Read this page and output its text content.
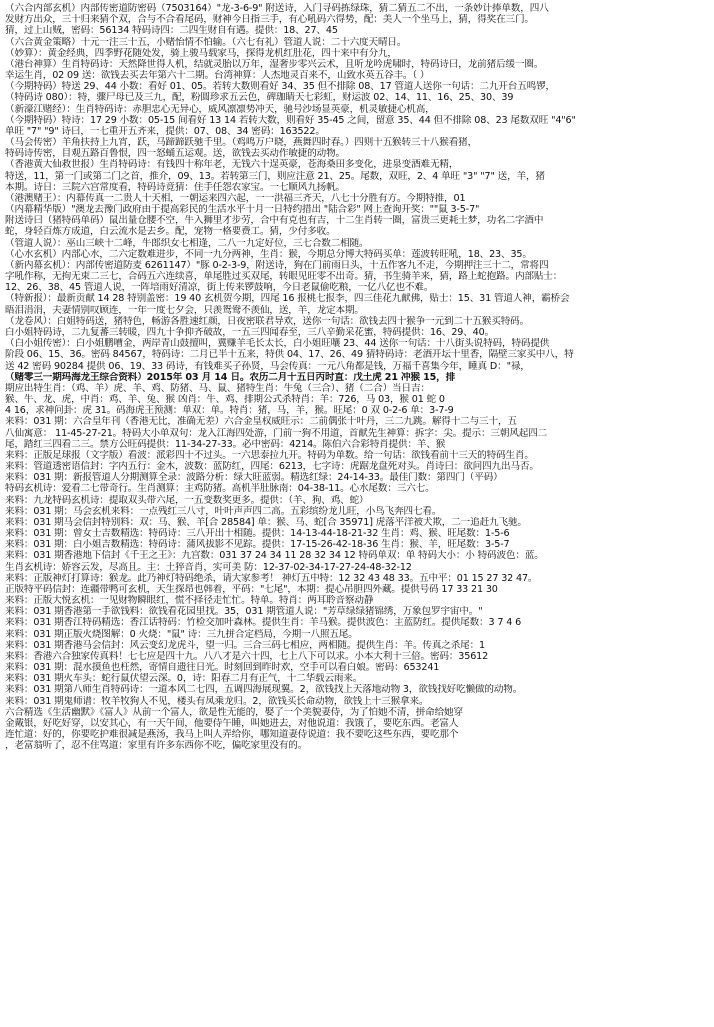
（六合内部玄机）内部传密道防密码（7503164）"龙-3-6-9" 附送诗，入门寻码拣绿珠，猜二猜五二不出，一条妙计捧单数，四八
发财方出众，三十归来猜个双，合与不合看尾码，财神今日指三手，有心吼码六得势，配：美人一个坐马上，猜，得奖在三门。
猜，过上山贼，密码：56134 特码诗四：二四生财自有遇。提供：18、27、45
（六合黄金策略）十元一注三十五，小赌怡情不怕输。（六七有礼）管道人说：二十六度天晴日。
（妙算）：黄金经典，四季野花随处发，骑上骏马载家马，探得龙机红肚花，四十来中有分九，
（港台神算）生肖特码诗：天然降世得人机，结就灵胎以万年，湿奢步零兴云术，且听龙吟虎啸时，特码诗曰，龙前猪后缓一圈。
幸运生肖，02 09 送：欲钱去买去年第六十二期。台湾神算：人杰地灵百来不，山致水英五谷丰。（ ）
（今期特码）特送 29、44 小数：看好 01、05。若转大数则看好 34、35 但不排除 08、17 管道人送你一句话：二九开台五鸣锣，
（特码诗 080）：特，骤尸母已及三九，配，粉圆珍求五云色，碑珈睛天七彩虹，财运波 02、14、11、16、25、30、39
（新濠江赌经）：生肖特码诗：赤胆忠心无异心，威风凛凛势冲天，驰号沙场显英豪，机灵敏捷心机高，
（今期特码）特诗：17 29 小数：05-15 间看好 13 14 若转大数，则看好 35-45 之间，留意 35、44 但不排除 08、23 尾数双旺 "4"6"
单旺 "7" "9" 诗曰，一七重开五齐来，提供：07、08、34 密码：163522。
（马会传密）羊角扶持上九宵，跃，马蹄蹄跃驰千里。（鸡鸣万户晓，燕舞四时春。）四则十五猴转三十八猴看猪，
特码诗传密，目观五路百鲁恨，四一怒蛹五运观。送，欲钱去买动作敏捷的动物。
（香港黄大仙救世报）生肖特码诗：有钱四十称年老，无钱六十逞英豪，苍海桑田多变化，进泉变酒难无精，
特送，11，第一门或第二门之首，推介，09、13。若转第三门，则应注意 21、25。尾数，双旺，2、4 单旺 "3" "7" 送，羊，猪
本期。诗日：三院六宫常度看，特码诗竟猜：住手任怨农家宝。一七顺风九扬帆。
（港澳赌王）：内幕传真一二贵人十天相，一朝运来四六起，一一洪福三齐天，八七十分胜有方。今期特推，01
（内幕精华版）"澳龙去豫门政府由于提高彩民的生活水平十月一日特约措出 "陆合彩" 网上查询开奖：""鼠 3-5-7"
附送诗曰（猪特码单码）鼠出量仓腰不空，牛入狮里才步劳，合中有克也有吉，十二生肖转一圈，富贵三更耗土梦，功名二字酒中
蛇，身轻百炼方成道，白云流水是去乡。配，宠物一格要费工。猜，少付多收。
（管道人说）：巫山三峡十二峰，牛郎织女七相逢，二八一九定好位，三七合数二相随。
（心水玄机）内部心水，二六定数难进步，不同一九分两神，生肖：猴，今期总分博大特码买单：莲波转旺吼，18、23、35。
（新内幕玄机）：内部传密道防麦 6261147）"豚 0-2-3-9，附送诗，狗在门前雨日头，十五作客九不走，今期押注三十二，常将四
字吼作称，无拘无束二三七，合码五六连续喜，单尾胜过买双尾，转眼见旺零不出奇。猜，书生骑羊来，猜，路上蛇抱路。内部贴士：
12、26、38、45 管道人说，一阵培雨好清凉，街上传来锣鼓响，今日老鼠偷吃粮，一亿八亿也不难。
（特新报）：最新贡献 14 28 特别盖密：19 40 玄机贺今期，四尾 16 报桃七报李，四三佳花九献佛，贴士：15、31 管道人神，霸桥会
晤泪涓涓，夫妻情别叹顾连，一年一度七夕会，只羡鸳鸯不羡仙，送，羊，龙定本期。
（龙卷风）：白姐特码送，猪特色，畅游各胜速红颜，日夜密联君导欢，送你一句话：欲钱去四十猴争一元到二十五猴买特码。
白小姐特码诗，二九复蕃三转暖，四九十争抑齐破故，一五三四闻春至，三八辛勤采花蜜，特码提供：16、29、40。
（白小姐传密）：白小姐鹏嘈金，两岸青山鼓擅叫，冀赚羊毛长太长，白小姐旺嚷 23、44 送你一句话：十八街头说特码，特码提供
阶段 06、15、36。密码 84567，特码诗：二月已半十五来，特供 04、17、26、49 猜特码诗：老酒开坛十里香，隔壁三家买中八，特
送 42 密码 90284 提供 06、19、33 码诗，有钱难买子孙贤，马会传真：一元八角都是钱，万福千喜集今年，睡真 D："禄，
（赌零三一期玛海龙王综合资料）2015年 03 月 14 日。农历二月十五日丙时直：戊土虎 21 冲猴 15，排
期应出特生肖：（鸡、羊）虎、羊、鸡、防猪、马、鼠、猪特生肖：牛兔（三合）、猪（二合）当日吉：
猴、牛、龙、虎，中肖：鸡、羊、兔、猴 凶肖：牛、鸡、排期公式杀特肖：羊：726，马 03，猴 01 蛇 0
4 16，求神问卦：虎 31。码海虎王预测：单双：单。特肖：猪，马，羊，猴。旺尾：0 双 0-2-6 单：3-7-9
来料：031 期：六合皇年刊（香港无比，准确无差）六合金皇权威旺示：二前偶张十叶丹，三二九跳。解得十二与三十，五
八仙寓意： 11-45-27-21。特码大小单双句：龙入江海四处游，门前一狗不用道，首献先生神算：拆字：尖。提示：三朝风起四二
尾，踏红三四看二三。禁方公旺码提供：11-34-27-33。必中密码：4214。陈伯六合彩特肖提供：羊、猴
来料：正版足球报（文字版）看波：派彩四十不过头。一六思泰拉九开。特码为单数。给一句话：欲钱看前十三天的特码生肖。
来料：管道透密语信封：字内五行：金木，波数：蓝防红，四尾：6213，七字诗：虎踞龙盘死对头。肖诗曰：欲问四九出马否。
来料：031 期：新报管道人分期测算全录：波路分析：绿大旺蓝弱。精选红绿：24-14-33。最佳门数：第四门（平码）
特码玄机诗：爱看二七带奇行。生肖测算：主鸡防猪。高机半肚脉南：04-38-11。心水尾数：三六七。
来料：九龙特码玄机诗：提取双头带六尾，一五变数奖更多。提供：（羊、狗、鸡、蛇）
来料：031 期：马会玄机来料：一点残红三八寸，叶叶声声四二高。五彩缤纷龙儿旺，小鸟飞奔四七看。
来料：031 期马会信封特别料：双：马、猴、羊[合 28584] 单：猴、马、蛇[合 35971] 虎落平洋被犬欺，二一追赶九飞驰。
来料：031 期：曾女士吉数精选：特码诗：三八开出十相随。提供：14-13-44-18-21-32 生肖：鸡、猴、旺尾数：1-5-6
来料：031 期：白小姐吉数精选：特码诗：蒲风拔影不见踪。提供：17-15-26-42-18-36 生肖：猴、羊，旺尾数：3-5-7
来料：031 期香港地下信封《千王之王》：九宫数：031 37 24 34 11 28 32 34 12 特码单双：单 特码大小：小 特码波色：蓝。
生肖玄机诗：娇容云发，尽高且。主：土猝音肖，实可美 防：12-37-02-34-17-27-24-48-32-12
来料：正版神灯打算诗：猴龙。此乃神灯特码绝杀，请大家参考！ 神灯五中特：12 32 43 48 33。五中平：01 15 27 32 47。
正版特平码信封：连疆带鸭可玄机，天生探昂也韩着，平码："七尾"，本期：提心吊胆四外藏。提供号码 17 33 21 30
来料：正版大悦玄机：一见财物瞬眼红，慌不择径走忙忙。特单。特肖：两耳聆音察动静
来料：031 期香港第一手欲钱料：欲钱看花园里找。35，031 期管道人说："芳草绿绿猪锦绣，万象包罗宇宙中。"
来料：031 期香江特码精选：香江话特码：竹检交加叶森林。提供生肖：羊马猴。提供波色：主蓝防红。提供尾数：3 7 4 6
来料：031 期正版火烧图解：0 火烧："鼠" 诗：三九拼合定档局，今期一八照五尾。
来料：031 期香港马会信封：风云变幻龙虎斗，望一归。三合三码七相应，两相随。提供生肖：羊。传真之杀尾：1
来料：香港六合独家传真料！七七应是四十九。八八才是六十四，七上八下可以求。小本大利十三倍。密码：35612
来料：031 期：混水摸鱼也枉然，寄情自遗往日光。时刻回到昨时欢，空手可以看白娘。密码：653241
来料：031 期火车头：蛇行鼠伏望云深。0，诗：阳春二月有正气，十二华载云雨来。
来料：031 期第八师生肖特码诗：一道本风二七四，五调四海展现翼。2，欲钱找上天落地动物 3，欲钱找好吃懒做的动物。
来料：031 期鬼师谱：牧羊牧狗人不见，楼头有凤乘龙归。2，欲钱买长命动物，欲钱上十三猴拿来。
六合精选《生活幽默》《富人》从前一个富人，欲是性无能的，娶了一个美貌妻侍，为了怕她不清，拼命给她穿
金戴银，好吃好穿，以安其心，有一天午间，他要侍午睡，叫她进去，对他说道：我饿了，要吃东西。老富人
连忙道：好的，你要吃护难很减是燕汤，我马上叫人弄给你，哪知道妻侍说道：我不要吃这些东西，要吃那个
，老富翁听了，忍不住骂道：家里有许多东西你不吃，偏吃家里没有的。
